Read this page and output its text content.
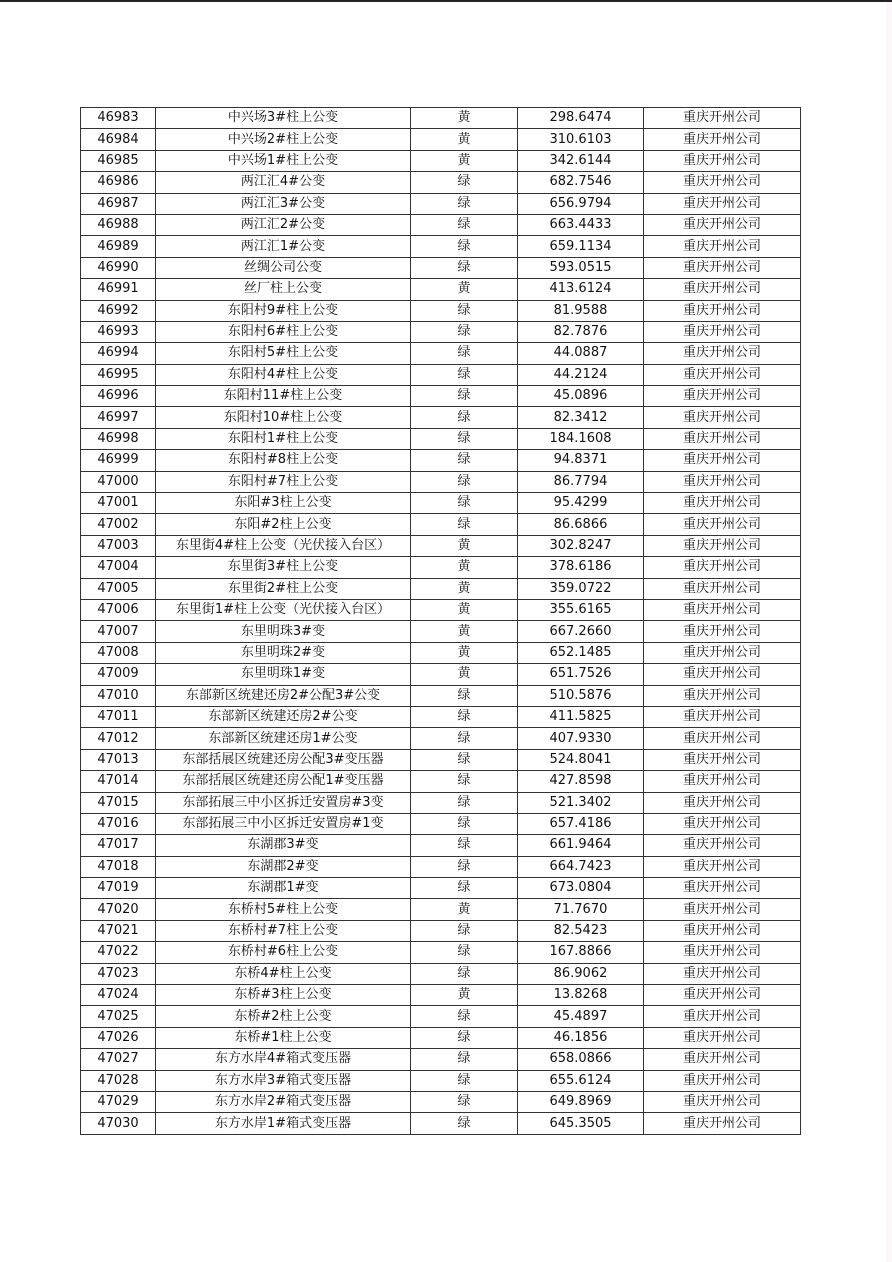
46983	中兴场3#柱上公变	黄	298.6474	重庆开州公司
46984	中兴场2#柱上公变	黄	310.6103	重庆开州公司
46985	中兴场1#柱上公变	黄	342.6144	重庆开州公司
46986	两江汇4#公变	绿	682.7546	重庆开州公司
46987	两江汇3#公变	绿	656.9794	重庆开州公司
46988	两江汇2#公变	绿	663.4433	重庆开州公司
46989	两江汇1#公变	绿	659.1134	重庆开州公司
46990	丝绸公司公变	绿	593.0515	重庆开州公司
46991	丝厂柱上公变	黄	413.6124	重庆开州公司
46992	东阳村9#柱上公变	绿	81.9588	重庆开州公司
46993	东阳村6#柱上公变	绿	82.7876	重庆开州公司
46994	东阳村5#柱上公变	绿	44.0887	重庆开州公司
46995	东阳村4#柱上公变	绿	44.2124	重庆开州公司
46996	东阳村11#柱上公变	绿	45.0896	重庆开州公司
46997	东阳村10#柱上公变	绿	82.3412	重庆开州公司
46998	东阳村1#柱上公变	绿	184.1608	重庆开州公司
46999	东阳村#8柱上公变	绿	94.8371	重庆开州公司
47000	东阳村#7柱上公变	绿	86.7794	重庆开州公司
47001	东阳#3柱上公变	绿	95.4299	重庆开州公司
47002	东阳#2柱上公变	绿	86.6866	重庆开州公司
47003	东里街4#柱上公变（光伏接入台区）	黄	302.8247	重庆开州公司
47004	东里街3#柱上公变	黄	378.6186	重庆开州公司
47005	东里街2#柱上公变	黄	359.0722	重庆开州公司
47006	东里街1#柱上公变（光伏接入台区）	黄	355.6165	重庆开州公司
47007	东里明珠3#变	黄	667.2660	重庆开州公司
47008	东里明珠2#变	黄	652.1485	重庆开州公司
47009	东里明珠1#变	黄	651.7526	重庆开州公司
47010	东部新区统建还房2#公配3#公变	绿	510.5876	重庆开州公司
47011	东部新区统建还房2#公变	绿	411.5825	重庆开州公司
47012	东部新区统建还房1#公变	绿	407.9330	重庆开州公司
47013	东部括展区统建还房公配3#变压器	绿	524.8041	重庆开州公司
47014	东部括展区统建还房公配1#变压器	绿	427.8598	重庆开州公司
47015	东部拓展三中小区拆迁安置房#3变	绿	521.3402	重庆开州公司
47016	东部拓展三中小区拆迁安置房#1变	绿	657.4186	重庆开州公司
47017	东湖郡3#变	绿	661.9464	重庆开州公司
47018	东湖郡2#变	绿	664.7423	重庆开州公司
47019	东湖郡1#变	绿	673.0804	重庆开州公司
47020	东桥村5#柱上公变	黄	71.7670	重庆开州公司
47021	东桥村#7柱上公变	绿	82.5423	重庆开州公司
47022	东桥村#6柱上公变	绿	167.8866	重庆开州公司
47023	东桥4#柱上公变	绿	86.9062	重庆开州公司
47024	东桥#3柱上公变	黄	13.8268	重庆开州公司
47025	东桥#2柱上公变	绿	45.4897	重庆开州公司
47026	东桥#1柱上公变	绿	46.1856	重庆开州公司
47027	东方水岸4#箱式变压器	绿	658.0866	重庆开州公司
47028	东方水岸3#箱式变压器	绿	655.6124	重庆开州公司
47029	东方水岸2#箱式变压器	绿	649.8969	重庆开州公司
47030	东方水岸1#箱式变压器	绿	645.3505	重庆开州公司
